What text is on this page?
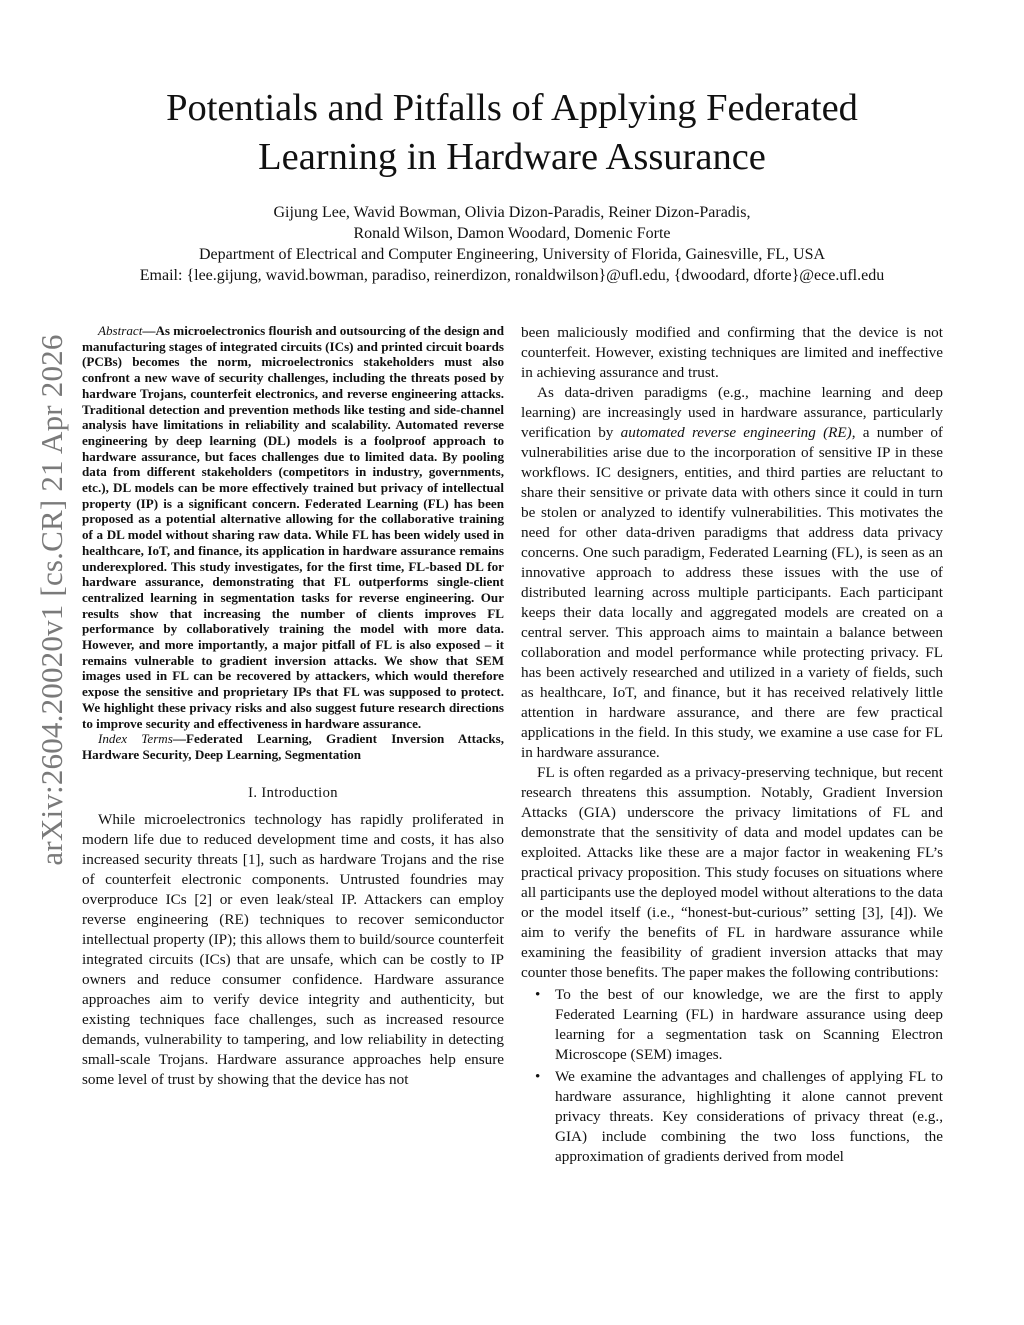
arXiv:2604.20020v1 [cs.CR] 21 Apr 2026
Potentials and Pitfalls of Applying Federated
Learning in Hardware Assurance
Gijung Lee, Wavid Bowman, Olivia Dizon-Paradis, Reiner Dizon-Paradis,
Ronald Wilson, Damon Woodard, Domenic Forte
Department of Electrical and Computer Engineering, University of Florida, Gainesville, FL, USA
Email: {lee.gijung, wavid.bowman, paradiso, reinerdizon, ronaldwilson}@ufl.edu, {dwoodard, dforte}@ece.ufl.edu

Abstract—As microelectronics flourish and outsourcing of the design and manufacturing stages of integrated circuits (ICs) and printed circuit boards (PCBs) becomes the norm, microelectronics stakeholders must also confront a new wave of security challenges, including the threats posed by hardware Trojans, counterfeit electronics, and reverse engineering attacks. Traditional detection and prevention methods like testing and side-channel analysis have limitations in reliability and scalability. Automated reverse engineering by deep learning (DL) models is a foolproof approach to hardware assurance, but faces challenges due to limited data. By pooling data from different stakeholders (competitors in industry, governments, etc.), DL models can be more effectively trained but privacy of intellectual property (IP) is a significant concern. Federated Learning (FL) has been proposed as a potential alternative allowing for the collaborative training of a DL model without sharing raw data. While FL has been widely used in healthcare, IoT, and finance, its application in hardware assurance remains underexplored. This study investigates, for the first time, FL-based DL for hardware assurance, demonstrating that FL outperforms single-client centralized learning in segmentation tasks for reverse engineering. Our results show that increasing the number of clients improves FL performance by collaboratively training the model with more data. However, and more importantly, a major pitfall of FL is also exposed – it remains vulnerable to gradient inversion attacks. We show that SEM images used in FL can be recovered by attackers, which would therefore expose the sensitive and proprietary IPs that FL was supposed to protect. We highlight these privacy risks and also suggest future research directions to improve security and effectiveness in hardware assurance.

Index Terms—Federated Learning, Gradient Inversion Attacks, Hardware Security, Deep Learning, Segmentation

I. Introduction

While microelectronics technology has rapidly proliferated in modern life due to reduced development time and costs, it has also increased security threats [1], such as hardware Trojans and the rise of counterfeit electronic components. Untrusted foundries may overproduce ICs [2] or even leak/steal IP. Attackers can employ reverse engineering (RE) techniques to recover semiconductor intellectual property (IP); this allows them to build/source counterfeit integrated circuits (ICs) that are unsafe, which can be costly to IP owners and reduce consumer confidence. Hardware assurance approaches aim to verify device integrity and authenticity, but existing techniques face challenges, such as increased resource demands, vulnerability to tampering, and low reliability in detecting small-scale Trojans. Hardware assurance approaches help ensure some level of trust by showing that the device has not

been maliciously modified and confirming that the device is not counterfeit. However, existing techniques are limited and ineffective in achieving assurance and trust.

As data-driven paradigms (e.g., machine learning and deep learning) are increasingly used in hardware assurance, particularly verification by automated reverse engineering (RE), a number of vulnerabilities arise due to the incorporation of sensitive IP in these workflows. IC designers, entities, and third parties are reluctant to share their sensitive or private data with others since it could in turn be stolen or analyzed to identify vulnerabilities. This motivates the need for other data-driven paradigms that address data privacy concerns. One such paradigm, Federated Learning (FL), is seen as an innovative approach to address these issues with the use of distributed learning across multiple participants. Each participant keeps their data locally and aggregated models are created on a central server. This approach aims to maintain a balance between collaboration and model performance while protecting privacy. FL has been actively researched and utilized in a variety of fields, such as healthcare, IoT, and finance, but it has received relatively little attention in hardware assurance, and there are few practical applications in the field. In this study, we examine a use case for FL in hardware assurance.

FL is often regarded as a privacy-preserving technique, but recent research threatens this assumption. Notably, Gradient Inversion Attacks (GIA) underscore the privacy limitations of FL and demonstrate that the sensitivity of data and model updates can be exploited. Attacks like these are a major factor in weakening FL’s practical privacy proposition. This study focuses on situations where all participants use the deployed model without alterations to the data or the model itself (i.e., “honest-but-curious” setting [3], [4]). We aim to verify the benefits of FL in hardware assurance while examining the feasibility of gradient inversion attacks that may counter those benefits. The paper makes the following contributions:

• To the best of our knowledge, we are the first to apply Federated Learning (FL) in hardware assurance using deep learning for a segmentation task on Scanning Electron Microscope (SEM) images.
• We examine the advantages and challenges of applying FL to hardware assurance, highlighting it alone cannot prevent privacy threats. Key considerations of privacy threat (e.g., GIA) include combining the two loss functions, the approximation of gradients derived from model
